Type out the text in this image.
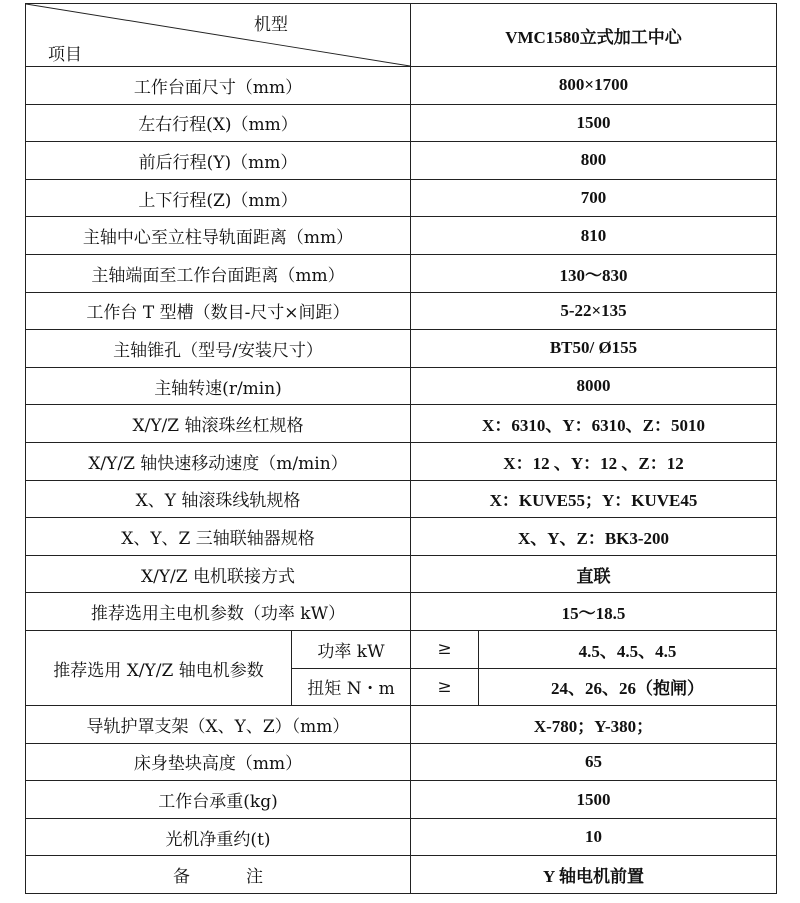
机型
项目		VMC1580立式加工中心	
工作台面尺寸（mm）		800×1700	
左右行程(X)（mm）		1500	
前后行程(Y)（mm）		800	
上下行程(Z)（mm）		700	
主轴中心至立柱导轨面距离（mm）		810	
主轴端面至工作台面距离（mm）		130～830	
工作台 T 型槽（数目-尺寸×间距）		5-22×135	
主轴锥孔（型号/安装尺寸）		BT50/ Ø155	
主轴转速(r/min)		8000	
X/Y/Z 轴滚珠丝杠规格		X：6310、Y：6310、Z：5010	
X/Y/Z 轴快速移动速度（m/min）		X：12 、Y：12 、Z：12	
X、Y 轴滚珠线轨规格		X：KUVE55；Y：KUVE45	
X、Y、Z 三轴联轴器规格		X、Y、Z：BK3-200	
X/Y/Z 电机联接方式		直联	
推荐选用主电机参数（功率 kW）		15～18.5	
推荐选用 X/Y/Z 轴电机参数	功率 kW	≥	4.5、4.5、4.5
	扭矩 N・m	≥	24、26、26（抱闸）
导轨护罩支架（X、Y、Z）（mm）		X-780；Y-380；	
床身垫块高度（mm）		65	
工作台承重(kg)		1500	
光机净重约(t)		10	
备 注		Y 轴电机前置	
